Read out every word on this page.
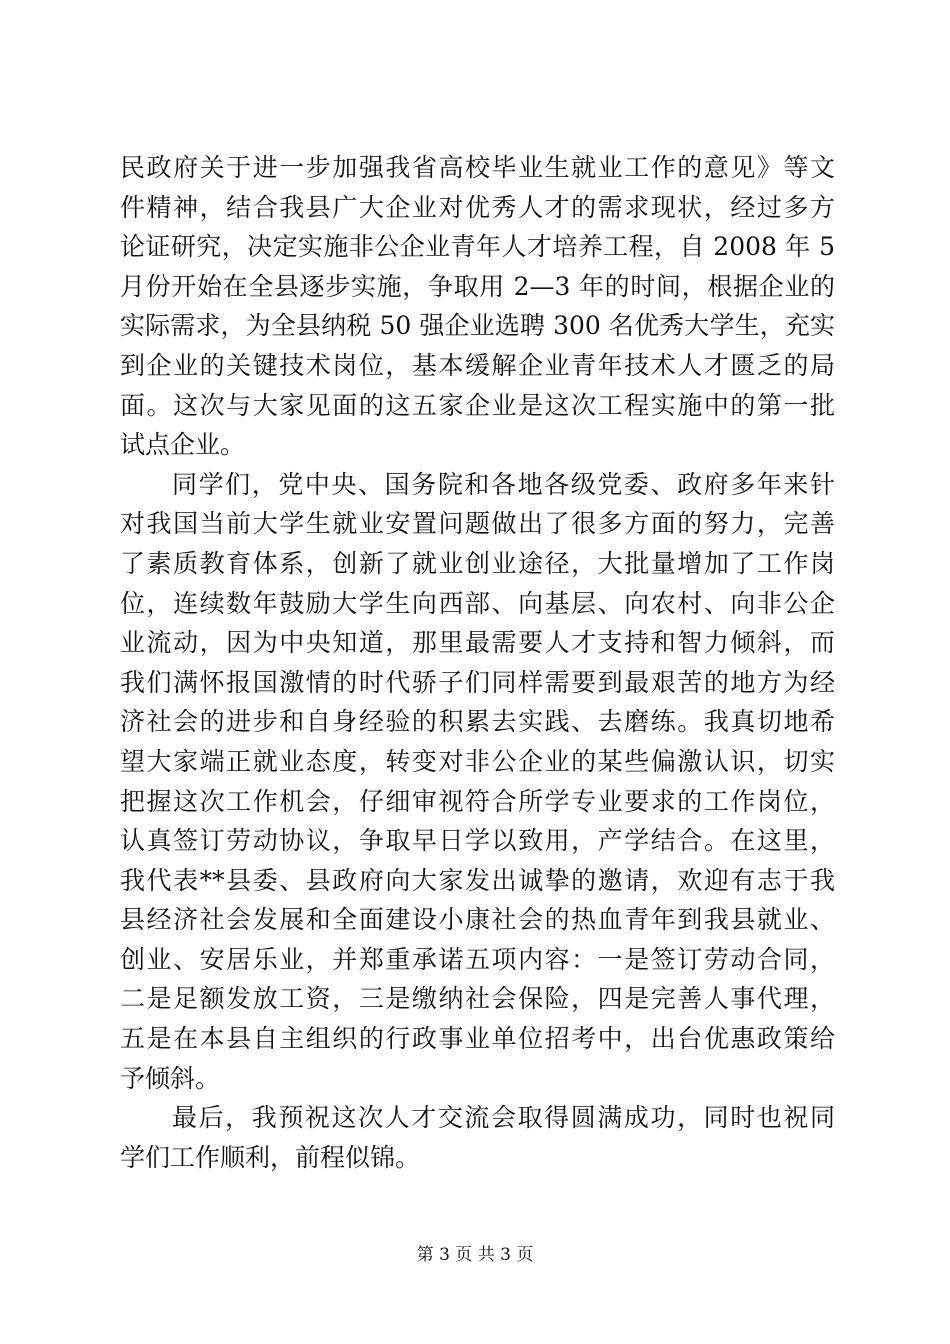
民政府关于进一步加强我省高校毕业生就业工作的意见》等文
件精神，结合我县广大企业对优秀人才的需求现状，经过多方
论证研究，决定实施非公企业青年人才培养工程，自 2008 年 5
月份开始在全县逐步实施，争取用 2—3 年的时间，根据企业的
实际需求，为全县纳税 50 强企业选聘 300 名优秀大学生，充实
到企业的关键技术岗位，基本缓解企业青年技术人才匮乏的局
面。这次与大家见面的这五家企业是这次工程实施中的第一批
试点企业。
同学们，党中央、国务院和各地各级党委、政府多年来针
对我国当前大学生就业安置问题做出了很多方面的努力，完善
了素质教育体系，创新了就业创业途径，大批量增加了工作岗
位，连续数年鼓励大学生向西部、向基层、向农村、向非公企
业流动，因为中央知道，那里最需要人才支持和智力倾斜，而
我们满怀报国激情的时代骄子们同样需要到最艰苦的地方为经
济社会的进步和自身经验的积累去实践、去磨练。我真切地希
望大家端正就业态度，转变对非公企业的某些偏激认识，切实
把握这次工作机会，仔细审视符合所学专业要求的工作岗位，
认真签订劳动协议，争取早日学以致用，产学结合。在这里，
我代表**县委、县政府向大家发出诚挚的邀请，欢迎有志于我
县经济社会发展和全面建设小康社会的热血青年到我县就业、
创业、安居乐业，并郑重承诺五项内容：一是签订劳动合同，
二是足额发放工资，三是缴纳社会保险，四是完善人事代理，
五是在本县自主组织的行政事业单位招考中，出台优惠政策给
予倾斜。
最后，我预祝这次人才交流会取得圆满成功，同时也祝同
学们工作顺利，前程似锦。
第 3 页 共 3 页
